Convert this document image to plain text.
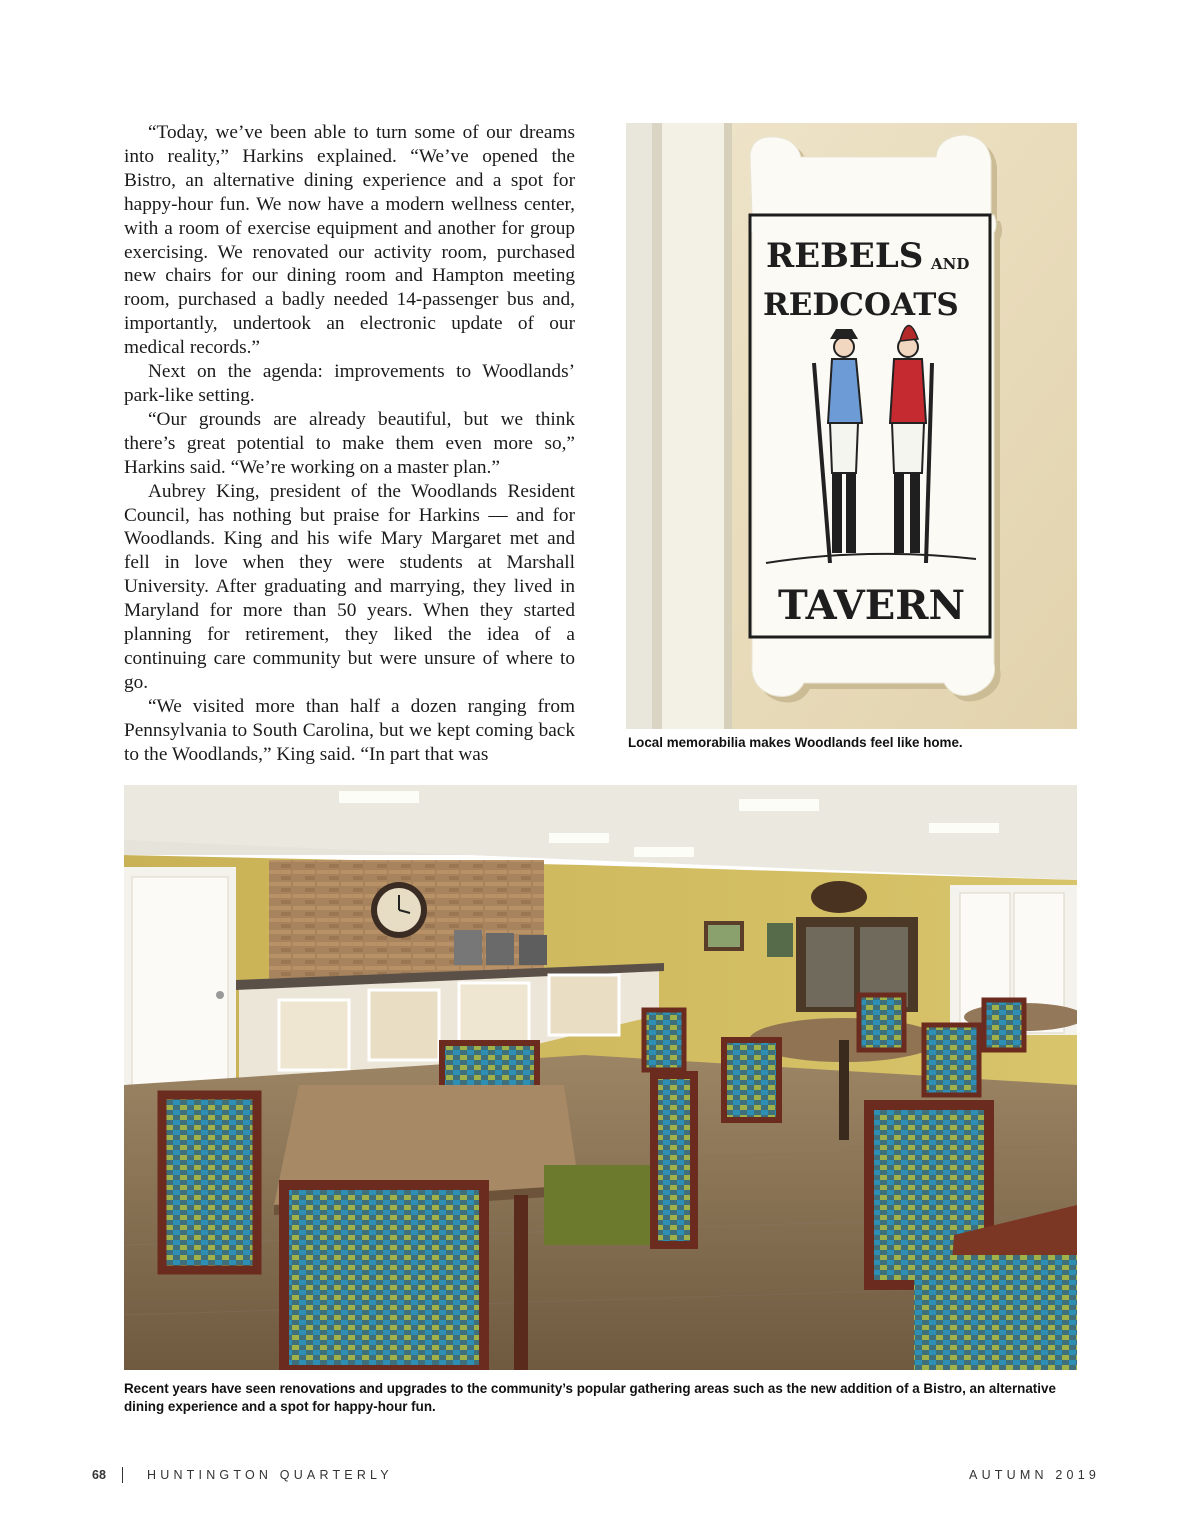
“Today, we’ve been able to turn some of our dreams into reality,” Harkins explained. “We’ve opened the Bistro, an alternative dining experience and a spot for happy-hour fun. We now have a modern wellness center, with a room of exercise equipment and another for group exercising. We renovated our activity room, purchased new chairs for our dining room and Hampton meeting room, purchased a badly needed 14-passenger bus and, importantly, undertook an electronic update of our medical records.”

Next on the agenda: improvements to Woodlands’ park-like setting.

“Our grounds are already beautiful, but we think there’s great potential to make them even more so,” Harkins said. “We’re working on a master plan.”

Aubrey King, president of the Woodlands Resident Council, has nothing but praise for Harkins — and for Woodlands. King and his wife Mary Margaret met and fell in love when they were students at Marshall University. After graduating and marrying, they lived in Maryland for more than 50 years. When they started planning for retirement, they liked the idea of a continuing care community but were unsure of where to go.

“We visited more than half a dozen ranging from Pennsylvania to South Carolina, but we kept coming back to the Woodlands,” King said. “In part that was

REBELS AND
REDCOATS
TAVERN
Local memorabilia makes Woodlands feel like home.
Recent years have seen renovations and upgrades to the community’s popular gathering areas such as the new addition of a Bistro, an alternative dining experience and a spot for happy-hour fun.
68	HUNTINGTON QUARTERLY	AUTUMN 2019
